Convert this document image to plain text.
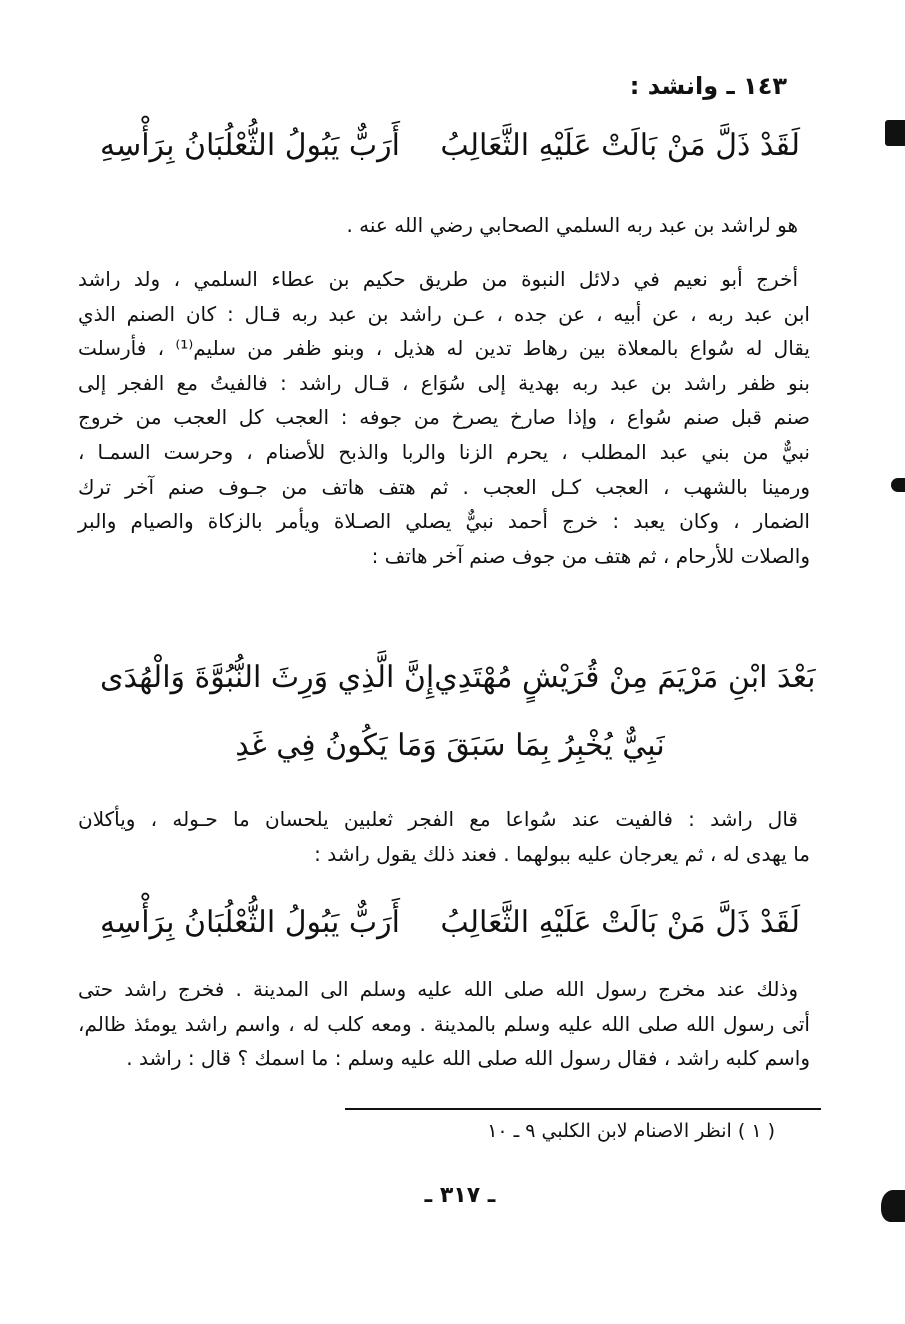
١٤٣ ـ وانشد :
أَرَبٌّ يَبُولُ الثُّعْلُبَانُ بِرَأْسِهِ لَقَدْ ذَلَّ مَنْ بَالَتْ عَلَيْهِ الثَّعَالِبُ
هو لراشد بن عبد ربه السلمي الصحابي رضي الله عنه .
أخرج أبو نعيم في دلائل النبوة من طريق حكيم بن عطاء السلمي ، ولد راشد
ابن عبد ربه ، عن أبيه ، عن جده ، عـن راشد بن عبد ربه قـال : كان الصنم الذي
يقال له سُواع بالمعلاة بين رهاط تدين له هذيل ، وبنو ظفر من سليم⁽¹⁾ ، فأرسلت
بنو ظفر راشد بن عبد ربه بهدية إلى سُوَاع ، قـال راشد : فالفيتُ مع الفجر إلى
صنم قبل صنم سُواع ، وإذا صارخ يصرخ من جوفه : العجب كل العجب من خروج
نبيٌّ من بني عبد المطلب ، يحرم الزنا والربا والذبح للأصنام ، وحرست السمـا ،
ورمينا بالشهب ، العجب كـل العجب . ثم هتف هاتف من جـوف صنم آخر ترك
الضمار ، وكان يعبد : خرج أحمد نبيٌّ يصلي الصـلاة ويأمر بالزكاة والصيام والبر
والصلات للأرحام ، ثم هتف من جوف صنم آخر هاتف :
إِنَّ الَّذِي وَرِثَ النُّبُوَّةَ وَالْهُدَى بَعْدَ ابْنِ مَرْيَمَ مِنْ قُرَيْشٍ مُهْتَدِي
نَبِيٌّ يُخْبِرُ بِمَا سَبَقَ وَمَا يَكُونُ فِي غَدِ
قال راشد : فالفيت عند سُواعا مع الفجر ثعلبين يلحسان ما حـوله ، ويأكلان
ما يهدى له ، ثم يعرجان عليه ببولهما . فعند ذلك يقول راشد :
أَرَبٌّ يَبُولُ الثُّعْلُبَانُ بِرَأْسِهِ لَقَدْ ذَلَّ مَنْ بَالَتْ عَلَيْهِ الثَّعَالِبُ
وذلك عند مخرج رسول الله صلى الله عليه وسلم الى المدينة . فخرج راشد حتى
أتى رسول الله صلى الله عليه وسلم بالمدينة . ومعه كلب له ، واسم راشد يومئذ ظالم،
واسم كلبه راشد ، فقال رسول الله صلى الله عليه وسلم : ما اسمك ؟ قال : راشد .
( ١ ) انظر الاصنام لابن الكلبي ٩ ـ ١٠
ـ ٣١٧ ـ
